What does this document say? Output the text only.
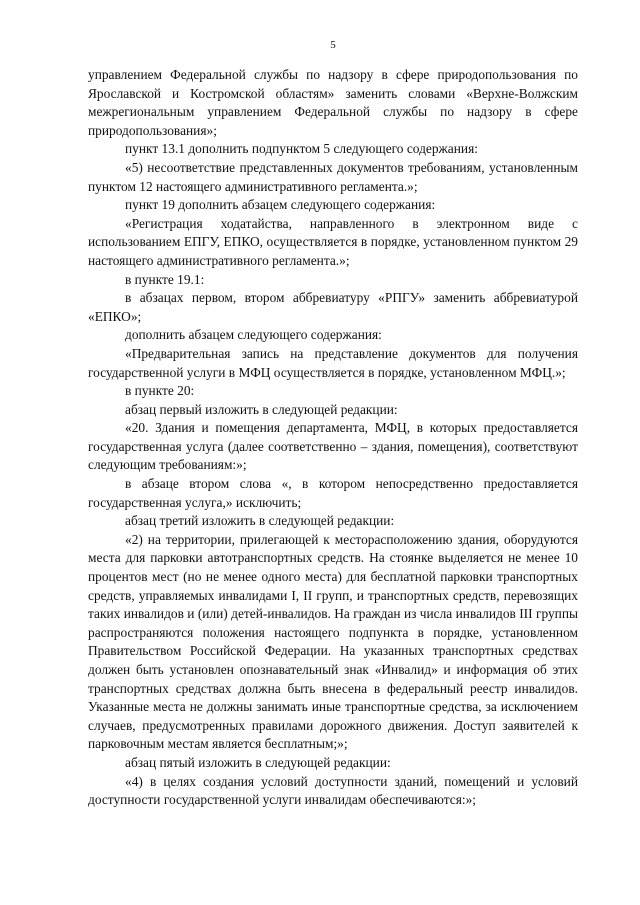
5

управлением Федеральной службы по надзору в сфере природопользования по Ярославской и Костромской областям» заменить словами «Верхне-Волжским межрегиональным управлением Федеральной службы по надзору в сфере природопользования»;

пункт 13.1 дополнить подпунктом 5 следующего содержания:

«5) несоответствие представленных документов требованиям, установленным пунктом 12 настоящего административного регламента.»;

пункт 19 дополнить абзацем следующего содержания:

«Регистрация ходатайства, направленного в электронном виде с использованием ЕПГУ, ЕПКО, осуществляется в порядке, установленном пунктом 29 настоящего административного регламента.»;

в пункте 19.1:

в абзацах первом, втором аббревиатуру «РПГУ» заменить аббревиатурой «ЕПКО»;

дополнить абзацем следующего содержания:

«Предварительная запись на представление документов для получения государственной услуги в МФЦ осуществляется в порядке, установленном МФЦ.»;

в пункте 20:

абзац первый изложить в следующей редакции:

«20. Здания и помещения департамента, МФЦ, в которых предоставляется государственная услуга (далее соответственно – здания, помещения), соответствуют следующим требованиям:»;

в абзаце втором слова «, в котором непосредственно предоставляется государственная услуга,» исключить;

абзац третий изложить в следующей редакции:

«2) на территории, прилегающей к месторасположению здания, оборудуются места для парковки автотранспортных средств. На стоянке выделяется не менее 10 процентов мест (но не менее одного места) для бесплатной парковки транспортных средств, управляемых инвалидами I, II групп, и транспортных средств, перевозящих таких инвалидов и (или) детей-инвалидов. На граждан из числа инвалидов III группы распространяются положения настоящего подпункта в порядке, установленном Правительством Российской Федерации. На указанных транспортных средствах должен быть установлен опознавательный знак «Инвалид» и информация об этих транспортных средствах должна быть внесена в федеральный реестр инвалидов. Указанные места не должны занимать иные транспортные средства, за исключением случаев, предусмотренных правилами дорожного движения. Доступ заявителей к парковочным местам является бесплатным;»;

абзац пятый изложить в следующей редакции:

«4) в целях создания условий доступности зданий, помещений и условий доступности государственной услуги инвалидам обеспечиваются:»;
